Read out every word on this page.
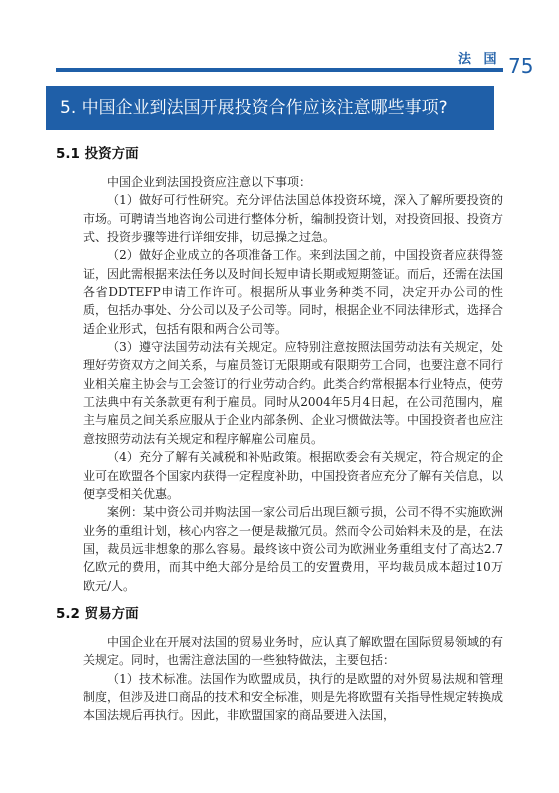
法 国 75
5. 中国企业到法国开展投资合作应该注意哪些事项?
5.1 投资方面

中国企业到法国投资应注意以下事项：

（1）做好可行性研究。充分评估法国总体投资环境，深入了解所要投资的市场。可聘请当地咨询公司进行整体分析，编制投资计划，对投资回报、投资方式、投资步骤等进行详细安排，切忌操之过急。

（2）做好企业成立的各项准备工作。来到法国之前，中国投资者应获得签证，因此需根据来法任务以及时间长短申请长期或短期签证。而后，还需在法国各省DDTEFP申请工作许可。根据所从事业务种类不同，决定开办公司的性质，包括办事处、分公司以及子公司等。同时，根据企业不同法律形式，选择合适企业形式，包括有限和两合公司等。

（3）遵守法国劳动法有关规定。应特别注意按照法国劳动法有关规定，处理好劳资双方之间关系，与雇员签订无限期或有限期劳工合同，也要注意不同行业相关雇主协会与工会签订的行业劳动合约。此类合约常根据本行业特点，使劳工法典中有关条款更有利于雇员。同时从2004年5月4日起，在公司范围内，雇主与雇员之间关系应服从于企业内部条例、企业习惯做法等。中国投资者也应注意按照劳动法有关规定和程序解雇公司雇员。

（4）充分了解有关减税和补贴政策。根据欧委会有关规定，符合规定的企业可在欧盟各个国家内获得一定程度补助，中国投资者应充分了解有关信息，以便享受相关优惠。

案例：某中资公司并购法国一家公司后出现巨额亏损，公司不得不实施欧洲业务的重组计划，核心内容之一便是裁撤冗员。然而令公司始料未及的是，在法国，裁员远非想象的那么容易。最终该中资公司为欧洲业务重组支付了高达2.7亿欧元的费用，而其中绝大部分是给员工的安置费用，平均裁员成本超过10万欧元/人。

5.2 贸易方面

中国企业在开展对法国的贸易业务时，应认真了解欧盟在国际贸易领域的有关规定。同时，也需注意法国的一些独特做法，主要包括：

（1）技术标准。法国作为欧盟成员，执行的是欧盟的对外贸易法规和管理制度，但涉及进口商品的技术和安全标准，则是先将欧盟有关指导性规定转换成本国法规后再执行。因此，非欧盟国家的商品要进入法国，
